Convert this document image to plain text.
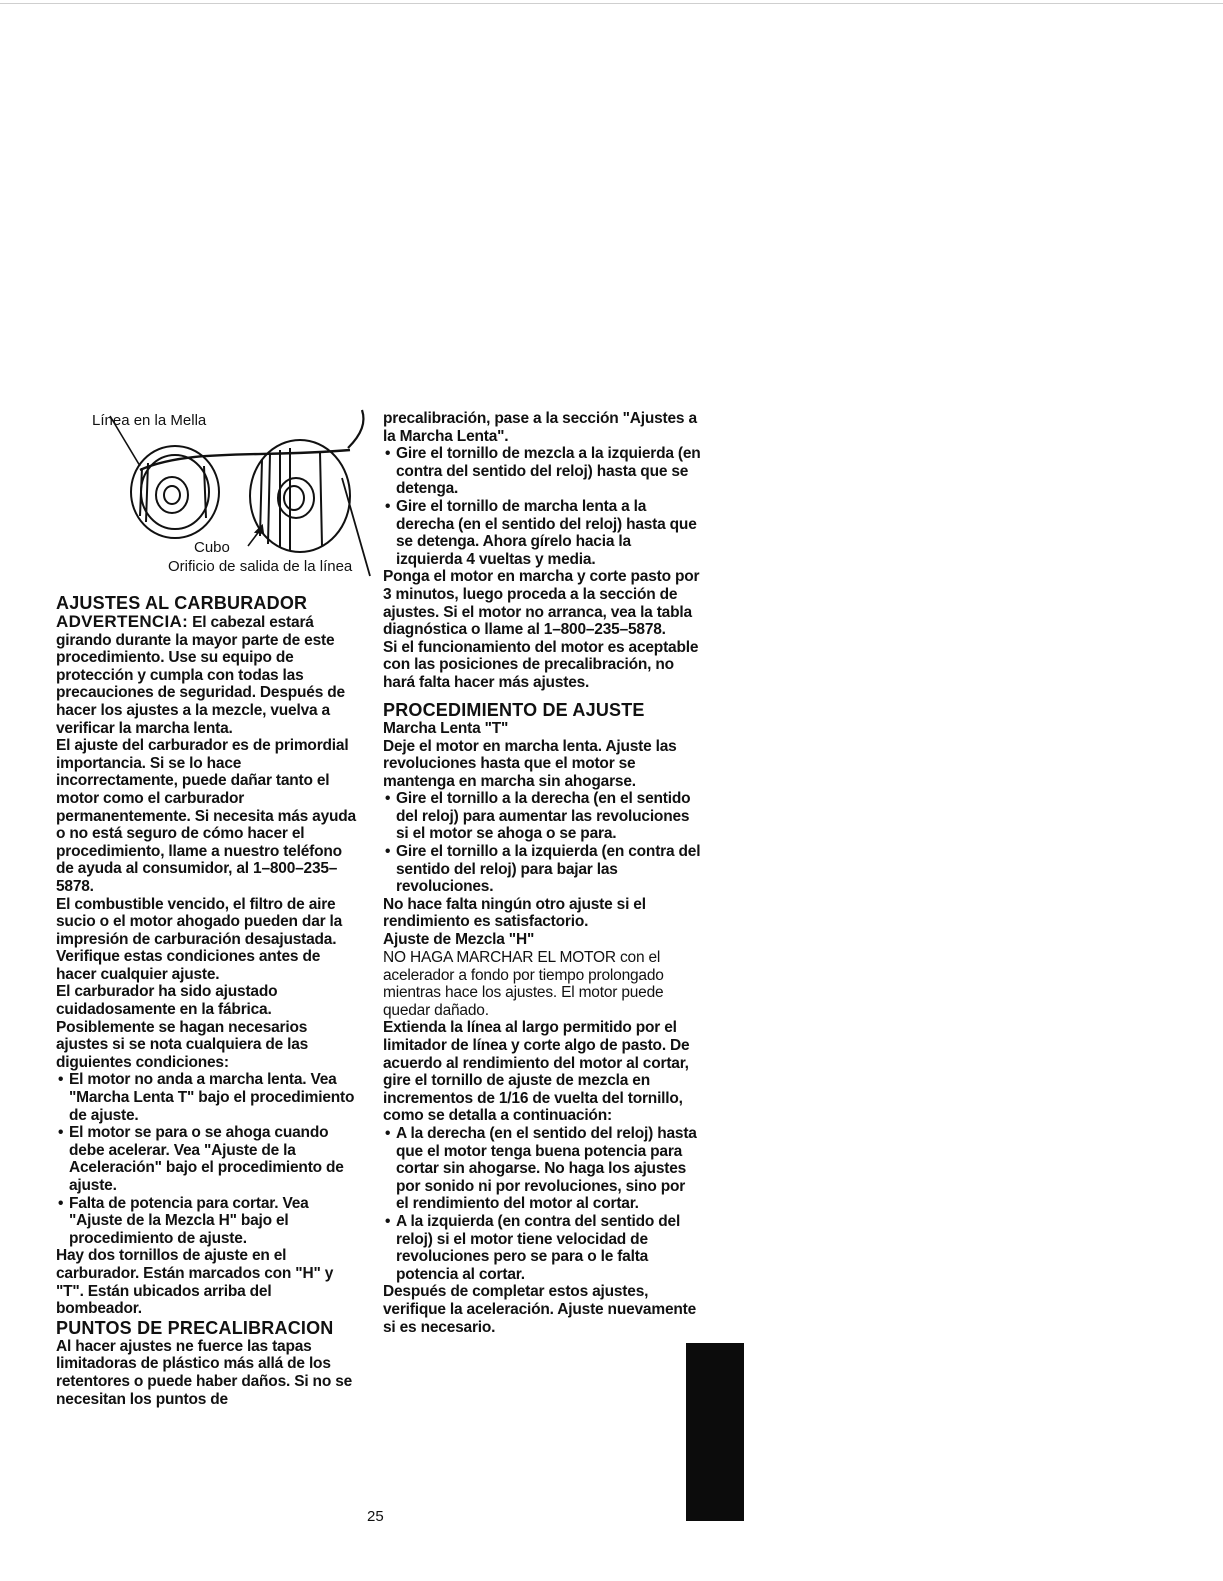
Línea en la Mella
Cubo
Orificio de salida de la línea
AJUSTES AL CARBURADOR

ADVERTENCIA: El cabezal estará girando durante la mayor parte de este procedimiento. Use su equipo de protección y cumpla con todas las precauciones de seguridad. Después de hacer los ajustes a la mezcle, vuelva a verificar la marcha lenta.

El ajuste del carburador es de primordial importancia. Si se lo hace incorrectamente, puede dañar tanto el motor como el carburador permanentemente. Si necesita más ayuda o no está seguro de cómo hacer el procedimiento, llame a nuestro teléfono de ayuda al consumidor, al 1–800–235–5878.

El combustible vencido, el filtro de aire sucio o el motor ahogado pueden dar la impresión de carburación desajustada. Verifique estas condiciones antes de hacer cualquier ajuste.

El carburador ha sido ajustado cuidadosamente en la fábrica. Posiblemente se hagan necesarios ajustes si se nota cualquiera de las diguientes condiciones:

• El motor no anda a marcha lenta. Vea "Marcha Lenta T" bajo el procedimiento de ajuste.
• El motor se para o se ahoga cuando debe acelerar. Vea "Ajuste de la Aceleración" bajo el procedimiento de ajuste.
• Falta de potencia para cortar. Vea "Ajuste de la Mezcla H" bajo el procedimiento de ajuste.

Hay dos tornillos de ajuste en el carburador. Están marcados con "H" y "T". Están ubicados arriba del bombeador.

PUNTOS DE PRECALIBRACION

Al hacer ajustes ne fuerce las tapas limitadoras de plástico más allá de los retentores o puede haber daños. Si no se necesitan los puntos de

precalibración, pase a la sección "Ajustes a la Marcha Lenta".

• Gire el tornillo de mezcla a la izquierda (en contra del sentido del reloj) hasta que se detenga.
• Gire el tornillo de marcha lenta a la derecha (en el sentido del reloj) hasta que se detenga. Ahora gírelo hacia la izquierda 4 vueltas y media.

Ponga el motor en marcha y corte pasto por 3 minutos, luego proceda a la sección de ajustes. Si el motor no arranca, vea la tabla diagnóstica o llame al 1–800–235–5878.

Si el funcionamiento del motor es aceptable con las posiciones de precalibración, no hará falta hacer más ajustes.

PROCEDIMIENTO DE AJUSTE
Marcha Lenta "T"

Deje el motor en marcha lenta. Ajuste las revoluciones hasta que el motor se mantenga en marcha sin ahogarse.

• Gire el tornillo a la derecha (en el sentido del reloj) para aumentar las revoluciones si el motor se ahoga o se para.
• Gire el tornillo a la izquierda (en contra del sentido del reloj) para bajar las revoluciones.

No hace falta ningún otro ajuste si el rendimiento es satisfactorio.

Ajuste de Mezcla "H"

NO HAGA MARCHAR EL MOTOR con el acelerador a fondo por tiempo prolongado mientras hace los ajustes. El motor puede quedar dañado.

Extienda la línea al largo permitido por el limitador de línea y corte algo de pasto. De acuerdo al rendimiento del motor al cortar, gire el tornillo de ajuste de mezcla en incrementos de 1/16 de vuelta del tornillo, como se detalla a continuación:

• A la derecha (en el sentido del reloj) hasta que el motor tenga buena potencia para cortar sin ahogarse. No haga los ajustes por sonido ni por revoluciones, sino por el rendimiento del motor al cortar.
• A la izquierda (en contra del sentido del reloj) si el motor tiene velocidad de revoluciones pero se para o le falta potencia al cortar.

Después de completar estos ajustes, verifique la aceleración. Ajuste nuevamente si es necesario.

25
